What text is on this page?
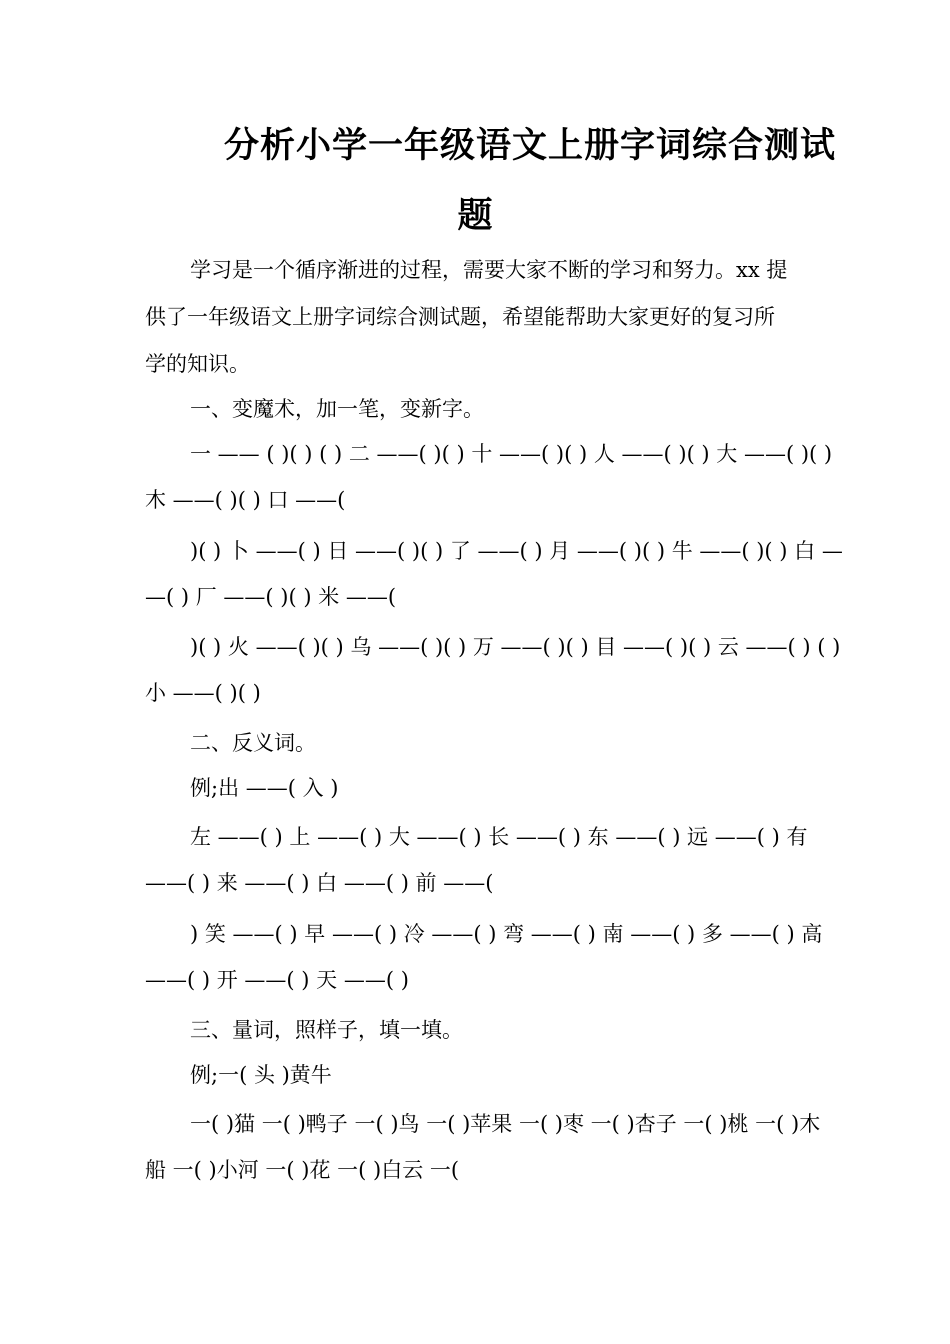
分析小学一年级语文上册字词综合测试
题
学习是一个循序渐进的过程，需要大家不断的学习和努力。xx 提
供了一年级语文上册字词综合测试题，希望能帮助大家更好的复习所
学的知识。
一、变魔术，加一笔，变新字。
一 —— ( )( ) ( ) 二 ——( )( ) 十 ——( )( ) 人 ——( )( ) 大 ——( )( )
木 ——( )( ) 口 ——(
)( ) 卜 ——( ) 日 ——( )( ) 了 ——( ) 月 ——( )( ) 牛 ——( )( ) 白 —
—( ) 厂 ——( )( ) 米 ——(
)( ) 火 ——( )( ) 乌 ——( )( ) 万 ——( )( ) 目 ——( )( ) 云 ——( ) ( )
小 ——( )( )
二、反义词。
例;出 ——( 入 )
左 ——( ) 上 ——( ) 大 ——( ) 长 ——( ) 东 ——( ) 远 ——( ) 有
——( ) 来 ——( ) 白 ——( ) 前 ——(
) 笑 ——( ) 早 ——( ) 冷 ——( ) 弯 ——( ) 南 ——( ) 多 ——( ) 高
——( ) 开 ——( ) 天 ——( )
三、量词，照样子，填一填。
例;一( 头 )黄牛
一( )猫 一( )鸭子 一( )鸟 一( )苹果 一( )枣 一( )杏子 一( )桃 一( )木
船 一( )小河 一( )花 一( )白云 一(
